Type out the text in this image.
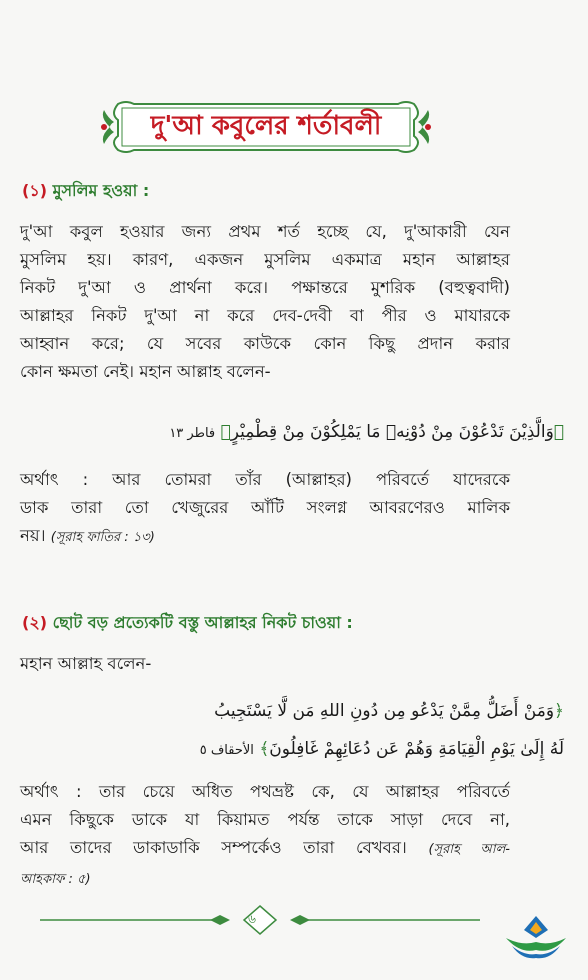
দু'আ কবুলের শর্তাবলী
(১) মুসলিম হওয়া :
দু'আ কবুল হওয়ার জন্য প্রথম শর্ত হচ্ছে যে, দু'আকারী যেন
মুসলিম হয়। কারণ, একজন মুসলিম একমাত্র মহান আল্লাহর
নিকট দু'আ ও প্রার্থনা করে। পক্ষান্তরে মুশরিক (বহুত্ববাদী)
আল্লাহর নিকট দু'আ না করে দেব-দেবী বা পীর ও মাযারকে
আহ্বান করে; যে সবের কাউকে কোন কিছু প্রদান করার
কোন ক্ষমতা নেই। মহান আল্লাহ বলেন-
﴿وَالَّذِيْنَ تَدْعُوْنَ مِنْ دُوْنِهٖ مَا يَمْلِكُوْنَ مِنْ قِطْمِيْرٍ﴾ فاطر ١٣
অর্থাৎ : আর তোমরা তাঁর (আল্লাহর) পরিবর্তে যাদেরকে
ডাক তারা তো খেজুরের আঁটি সংলগ্ন আবরণেরও মালিক
নয়। (সূরাহ ফাতির : ১৩)
(২) ছোট বড় প্রত্যেকটি বস্তু আল্লাহর নিকট চাওয়া :
মহান আল্লাহ বলেন-
﴿وَمَنْ أَضَلُّ مِمَّنْ يَدْعُو مِن دُونِ اللهِ مَن لَّا يَسْتَجِيبُ
لَهُ إِلَىٰ يَوْمِ الْقِيَامَةِ وَهُمْ عَن دُعَائِهِمْ غَافِلُونَ﴾ الأحقاف ٥
অর্থাৎ : তার চেয়ে অধিত পথভ্রষ্ট কে, যে আল্লাহর পরিবর্তে
এমন কিছুকে ডাকে যা কিয়ামত পর্যন্ত তাকে সাড়া দেবে না,
আর তাদের ডাকাডাকি সম্পর্কেও তারা বেখবর। (সূরাহ আল-
আহকাফ : ৫)
৬
